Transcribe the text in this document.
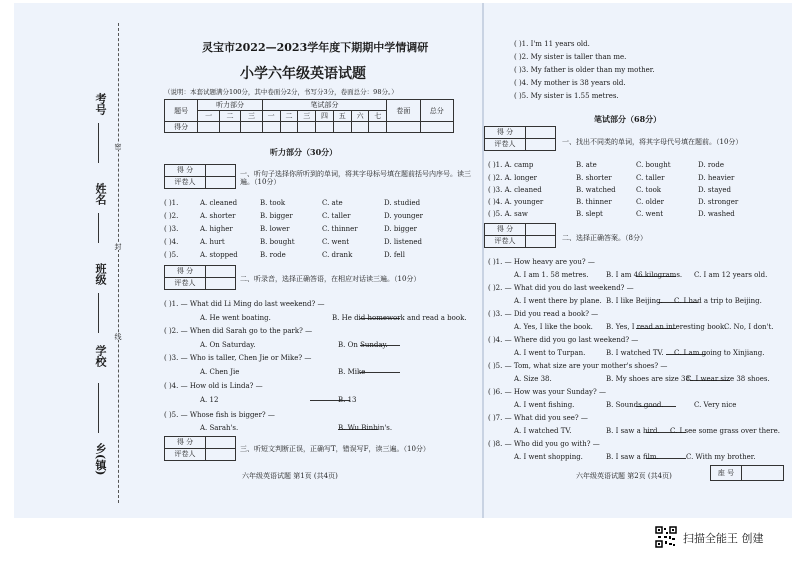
考号
姓名
班级
学校
乡(镇)
密
封
线
灵宝市2022—2023学年度下期期中学情调研
小学六年级英语试题
（说明：本套试题满分100分，其中卷面分2分，书写分3分，卷面总分：98分。）
题号	听力部分			笔试部分							卷面	总分
	一	二	三	一	二	三	四	五	六	七		
得分												
听力部分（30分）
得 分
评卷人
一、听句子选择你所听到的单词，将其字母标号填在题前括号内序号。读三遍。（10分）
( )1.	A. cleaned	B. took	C. ate	D. studied
( )2.	A. shorter	B. bigger	C. taller	D. younger
( )3.	A. higher	B. lower	C. thinner	D. bigger
( )4.	A. hurt	B. bought	C. went	D. listened
( )5.	A. stopped	B. rode	C. drank	D. fell
得 分
评卷人	二、听录音，选择正确答语，在相应对话读三遍。（10分）
( )1. — What did Li Ming do last weekend? —
A. He went boating.	B. He did homework and read a book.
( )2. — When did Sarah go to the park? —
A. On Saturday.	B. On Sunday.
( )3. — Who is taller, Chen Jie or Mike? —
A. Chen Jie	B. Mike
( )4. — How old is Linda? —
A. 12	B. 13
( )5. — Whose fish is bigger? —
A. Sarah's.	B. Wu Binbin's.
得 分
评卷人
三、听短文判断正误，正确写T，错误写F，读三遍。（10分）
六年级英语试题 第1页 (共4页)
( )1. I'm 11 years old.
( )2. My sister is taller than me.
( )3. My father is older than my mother.
( )4. My mother is 38 years old.
( )5. My sister is 1.55 metres.
笔试部分（68分）
得 分
评卷人	一、找出不同类的单词，将其字母代号填在题前。（10分）
( )1. A. camp	B. ate	C. bought	D. rode
( )2. A. longer	B. shorter	C. taller	D. heavier
( )3. A. cleaned	B. watched	C. took	D. stayed
( )4. A. younger	B. thinner	C. older	D. stronger
( )5. A. saw	B. slept	C. went	D. washed
得 分
评卷人	二、选择正确答案。（8分）
( )1. — How heavy are you? —
A. I am 1. 58 metres.	B. I am 46 kilograms. C. I am 12 years old.
( )2. — What did you do last weekend? —
A. I went there by plane. B. I like Beijing. C. I had a trip to Beijing.
( )3. — Did you read a book? —
A. Yes, I like the book. B. Yes, I read an interesting book.
C. No, I don't.
( )4. — Where did you go last weekend? —
A. I went to Turpan.	B. I watched TV. C. I am going to Xinjiang.
( )5. — Tom, what size are your mother's shoes? —
A. Size 38.	B. My shoes are size 38.
C. I wear size 38 shoes.
( )6. — How was your Sunday? —
A. I went fishing.	B. Sounds good.	C. Very nice
( )7. — What did you see? —
A. I watched TV.	B. I saw a bird. C. I see some grass over there.
( )8. — Who did you go with? —
A. I went shopping.	B. I saw a film.	C. With my brother.
六年级英语试题 第2页 (共4页)	座 号
扫描全能王 创建
